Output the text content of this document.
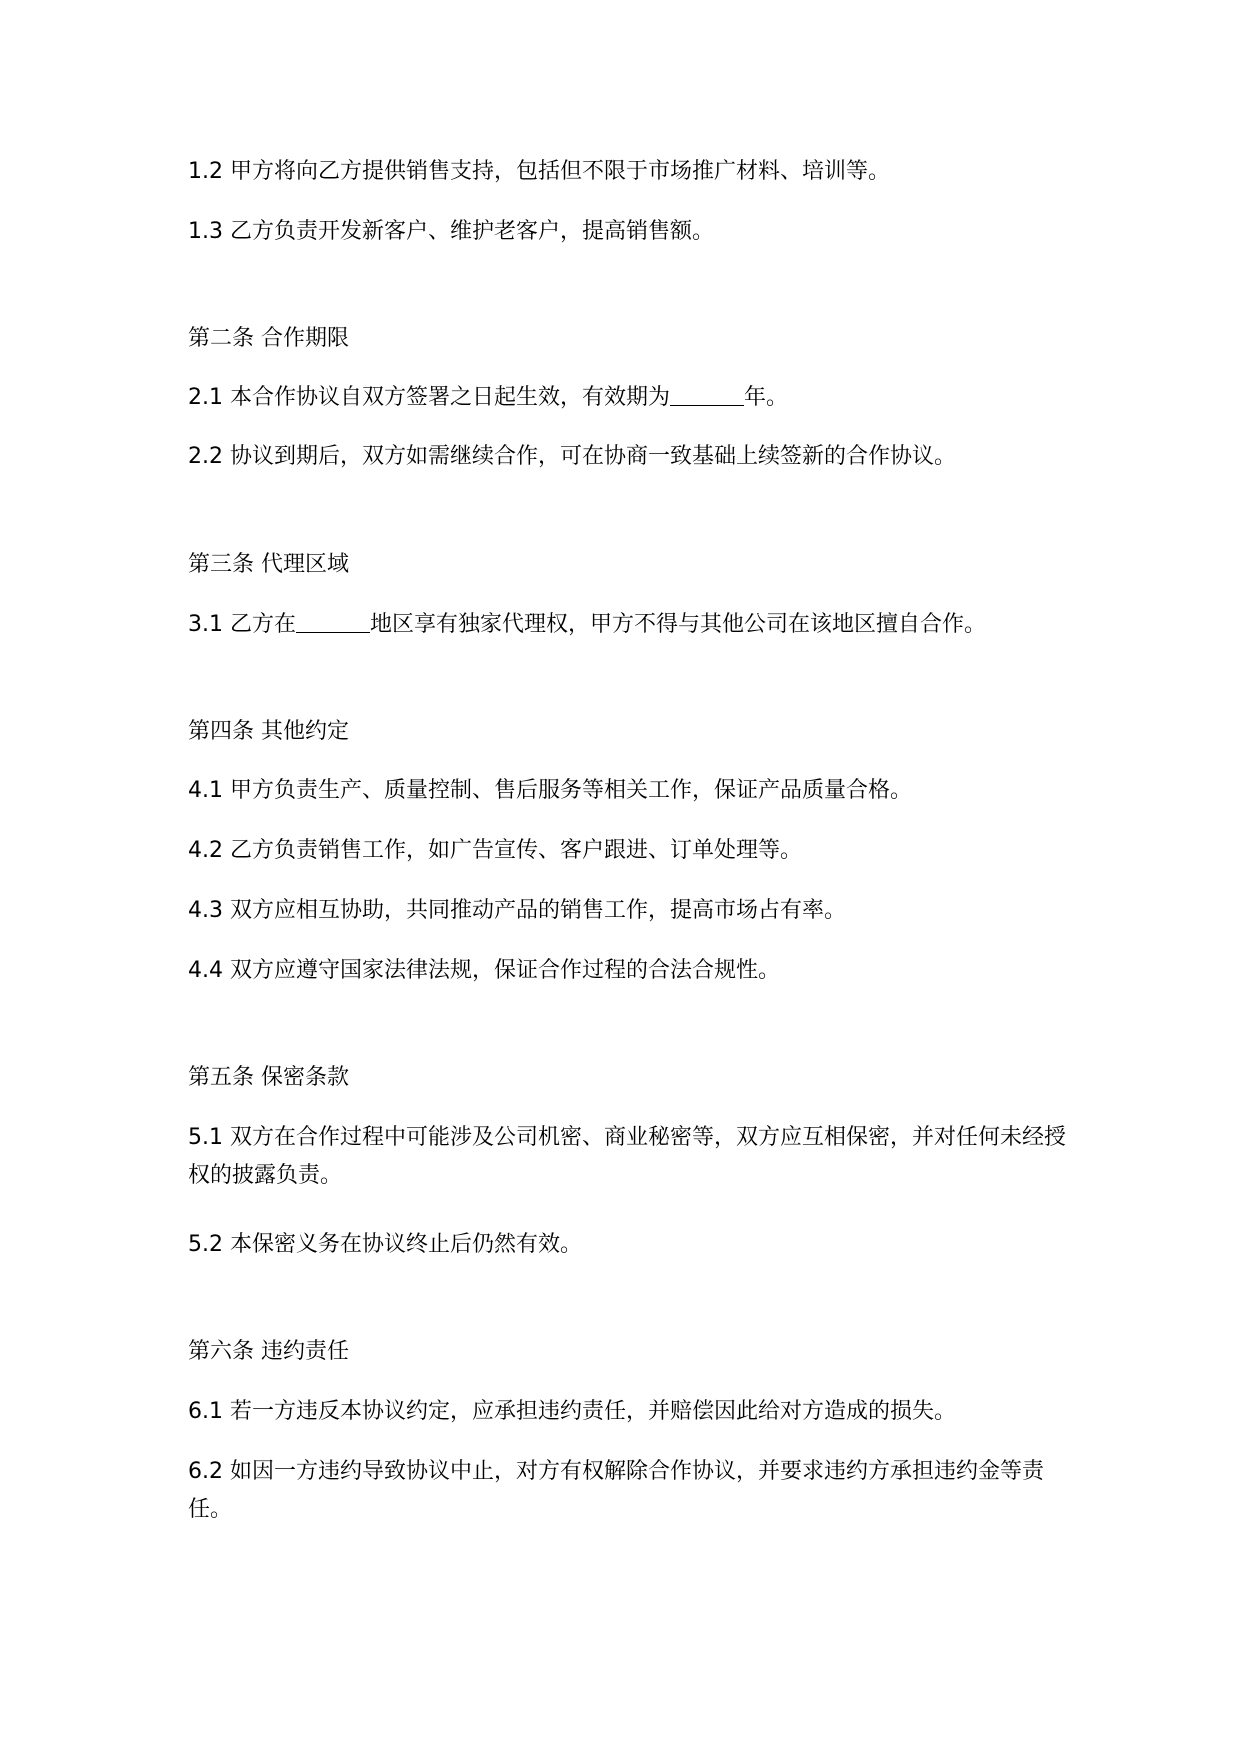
1.2 甲方将向乙方提供销售支持，包括但不限于市场推广材料、培训等。
1.3 乙方负责开发新客户、维护老客户，提高销售额。
第二条 合作期限
2.1 本合作协议自双方签署之日起生效，有效期为	年。
2.2 协议到期后，双方如需继续合作，可在协商一致基础上续签新的合作协议。
第三条 代理区域
3.1 乙方在	地区享有独家代理权，甲方不得与其他公司在该地区擅自合作。
第四条 其他约定
4.1 甲方负责生产、质量控制、售后服务等相关工作，保证产品质量合格。
4.2 乙方负责销售工作，如广告宣传、客户跟进、订单处理等。
4.3 双方应相互协助，共同推动产品的销售工作，提高市场占有率。
4.4 双方应遵守国家法律法规，保证合作过程的合法合规性。
第五条 保密条款
5.1 双方在合作过程中可能涉及公司机密、商业秘密等，双方应互相保密，并对任何未经授权的披露负责。
5.2 本保密义务在协议终止后仍然有效。
第六条 违约责任
6.1 若一方违反本协议约定，应承担违约责任，并赔偿因此给对方造成的损失。
6.2 如因一方违约导致协议中止，对方有权解除合作协议，并要求违约方承担违约金等责任。
